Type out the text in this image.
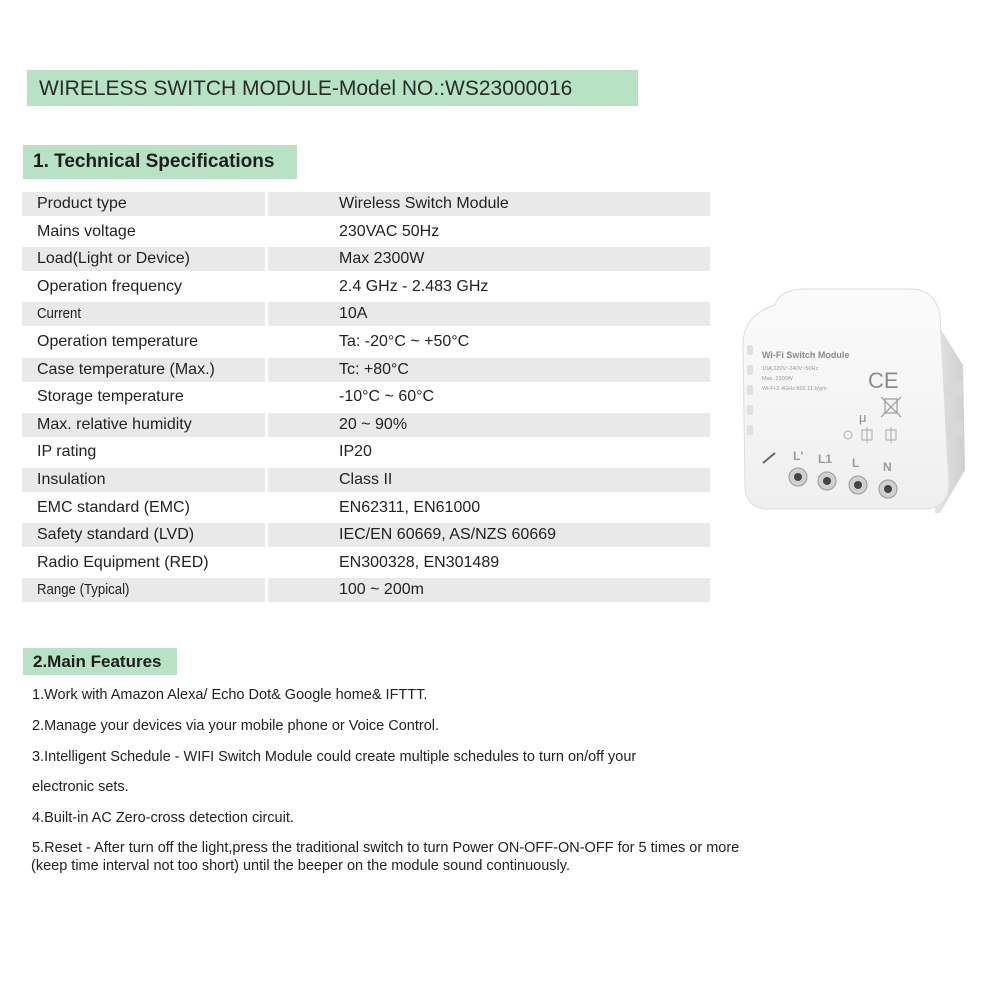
WIRELESS SWITCH MODULE-Model NO.:WS23000016
1. Technical Specifications
Product type	Wireless Switch Module
Mains voltage	230VAC 50Hz
Load(Light or Device)	Max 2300W
Operation frequency	2.4 GHz - 2.483 GHz
Current	10A
Operation temperature	Ta: -20°C ~ +50°C
Case temperature (Max.)	Tc: +80°C
Storage temperature	-10°C ~ 60°C
Max. relative humidity	20 ~ 90%
IP rating	IP20
Insulation	Class II
EMC standard (EMC)	EN62311, EN61000
Safety standard (LVD)	IEC/EN 60669, AS/NZS 60669
Radio Equipment (RED)	EN300328, EN301489
Range (Typical)	100 ~ 200m
2.Main Features
1.Work with Amazon Alexa/ Echo Dot& Google home& IFTTT.
2.Manage your devices via your mobile phone or Voice Control.
3.Intelligent Schedule - WIFI Switch Module could create multiple schedules to turn on/off your
electronic sets.
4.Built-in AC Zero-cross detection circuit.
5.Reset - After turn off the light,press the traditional switch to turn Power ON-OFF-ON-OFF for 5 times or more
(keep time interval not too short) until the beeper on the module sound continuously.
Wi-Fi Switch Module
10A,220V~240V~50Hz
Max. 2300W
Wi-Fi 2.4GHz 802.11 b/g/n CE
μ
L' L1 L N
